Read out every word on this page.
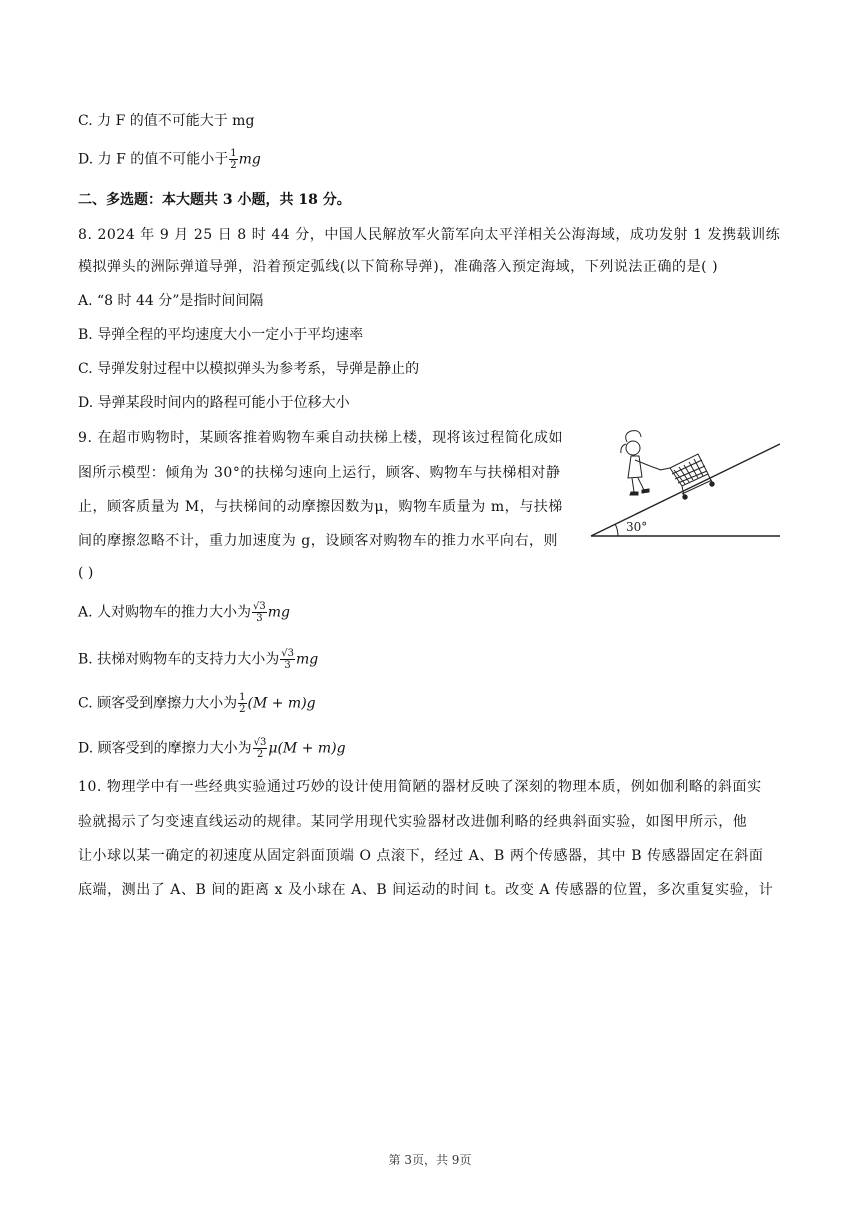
C. 力 F 的值不可能大于 mg
D. 力 F 的值不可能小于 $\frac{1}{2}$ mg
二、多选题：本大题共 3 小题，共 18 分。
8. 2024 年 9 月 25 日 8 时 44 分，中国人民解放军火箭军向太平洋相关公海海域，成功发射 1 发携载训练
模拟弹头的洲际弹道导弹，沿着预定弧线(以下简称导弹)，准确落入预定海域，下列说法正确的是( )
A. “8 时 44 分”是指时间间隔
B. 导弹全程的平均速度大小一定小于平均速率
C. 导弹发射过程中以模拟弹头为参考系，导弹是静止的
D. 导弹某段时间内的路程可能小于位移大小
9. 在超市购物时，某顾客推着购物车乘自动扶梯上楼，现将该过程简化成如
图所示模型：倾角为 30°的扶梯匀速向上运行，顾客、购物车与扶梯相对静
止，顾客质量为 M，与扶梯间的动摩擦因数为μ，购物车质量为 m，与扶梯
间的摩擦忽略不计，重力加速度为 g，设顾客对购物车的推力水平向右，则
( )
30°
A. 人对购物车的推力大小为 $\frac{√3}{3}$ mg
B. 扶梯对购物车的支持力大小为 $\frac{√3}{3}$ mg
C. 顾客受到摩擦力大小为 $\frac{1}{2} (M + m)g$
D. 顾客受到的摩擦力大小为 $\frac{√3}{2} \mu(M + m)g$
10. 物理学中有一些经典实验通过巧妙的设计使用简陋的器材反映了深刻的物理本质，例如伽利略的斜面实
验就揭示了匀变速直线运动的规律。某同学用现代实验器材改进伽利略的经典斜面实验，如图甲所示，他
让小球以某一确定的初速度从固定斜面顶端 O 点滚下，经过 A、B 两个传感器，其中 B 传感器固定在斜面
底端，测出了 A、B 间的距离 x 及小球在 A、B 间运动的时间 t。改变 A 传感器的位置，多次重复实验，计
第 3页，共 9页
